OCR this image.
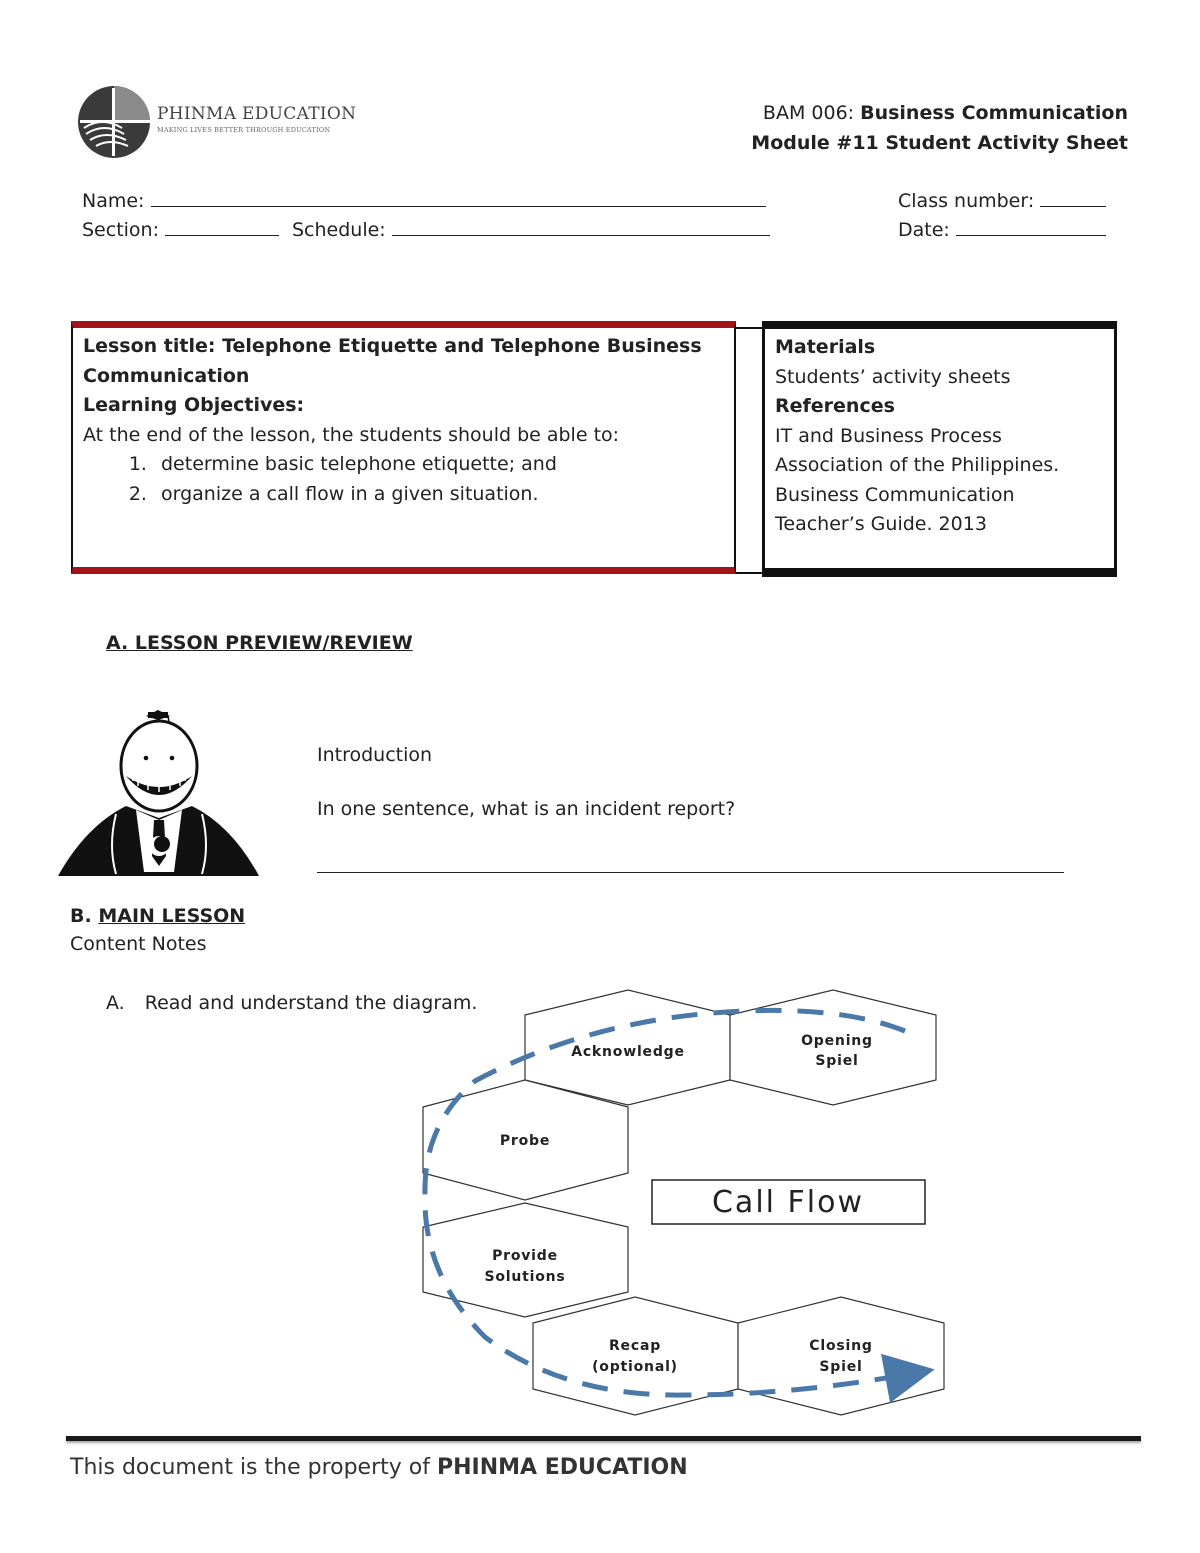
PHINMA EDUCATION
MAKING LIVES BETTER THROUGH EDUCATION
BAM 006: Business Communication
Module #11 Student Activity Sheet
Name:	Class number:
Section:	Schedule:	Date:
Lesson title: Telephone Etiquette and Telephone Business
Communication
Learning Objectives:
At the end of the lesson, the students should be able to:
1. determine basic telephone etiquette; and
2. organize a call flow in a given situation.
Materials
Students’ activity sheets
References
IT and Business Process
Association of the Philippines.
Business Communication
Teacher’s Guide. 2013
A. LESSON PREVIEW/REVIEW
Introduction
In one sentence, what is an incident report?
B. MAIN LESSON
Content Notes
A. Read and understand the diagram.
Opening
Spiel
Acknowledge
Probe
Provide
Solutions
Recap
(optional)
Closing
Spiel
Call Flow
This document is the property of PHINMA EDUCATION
